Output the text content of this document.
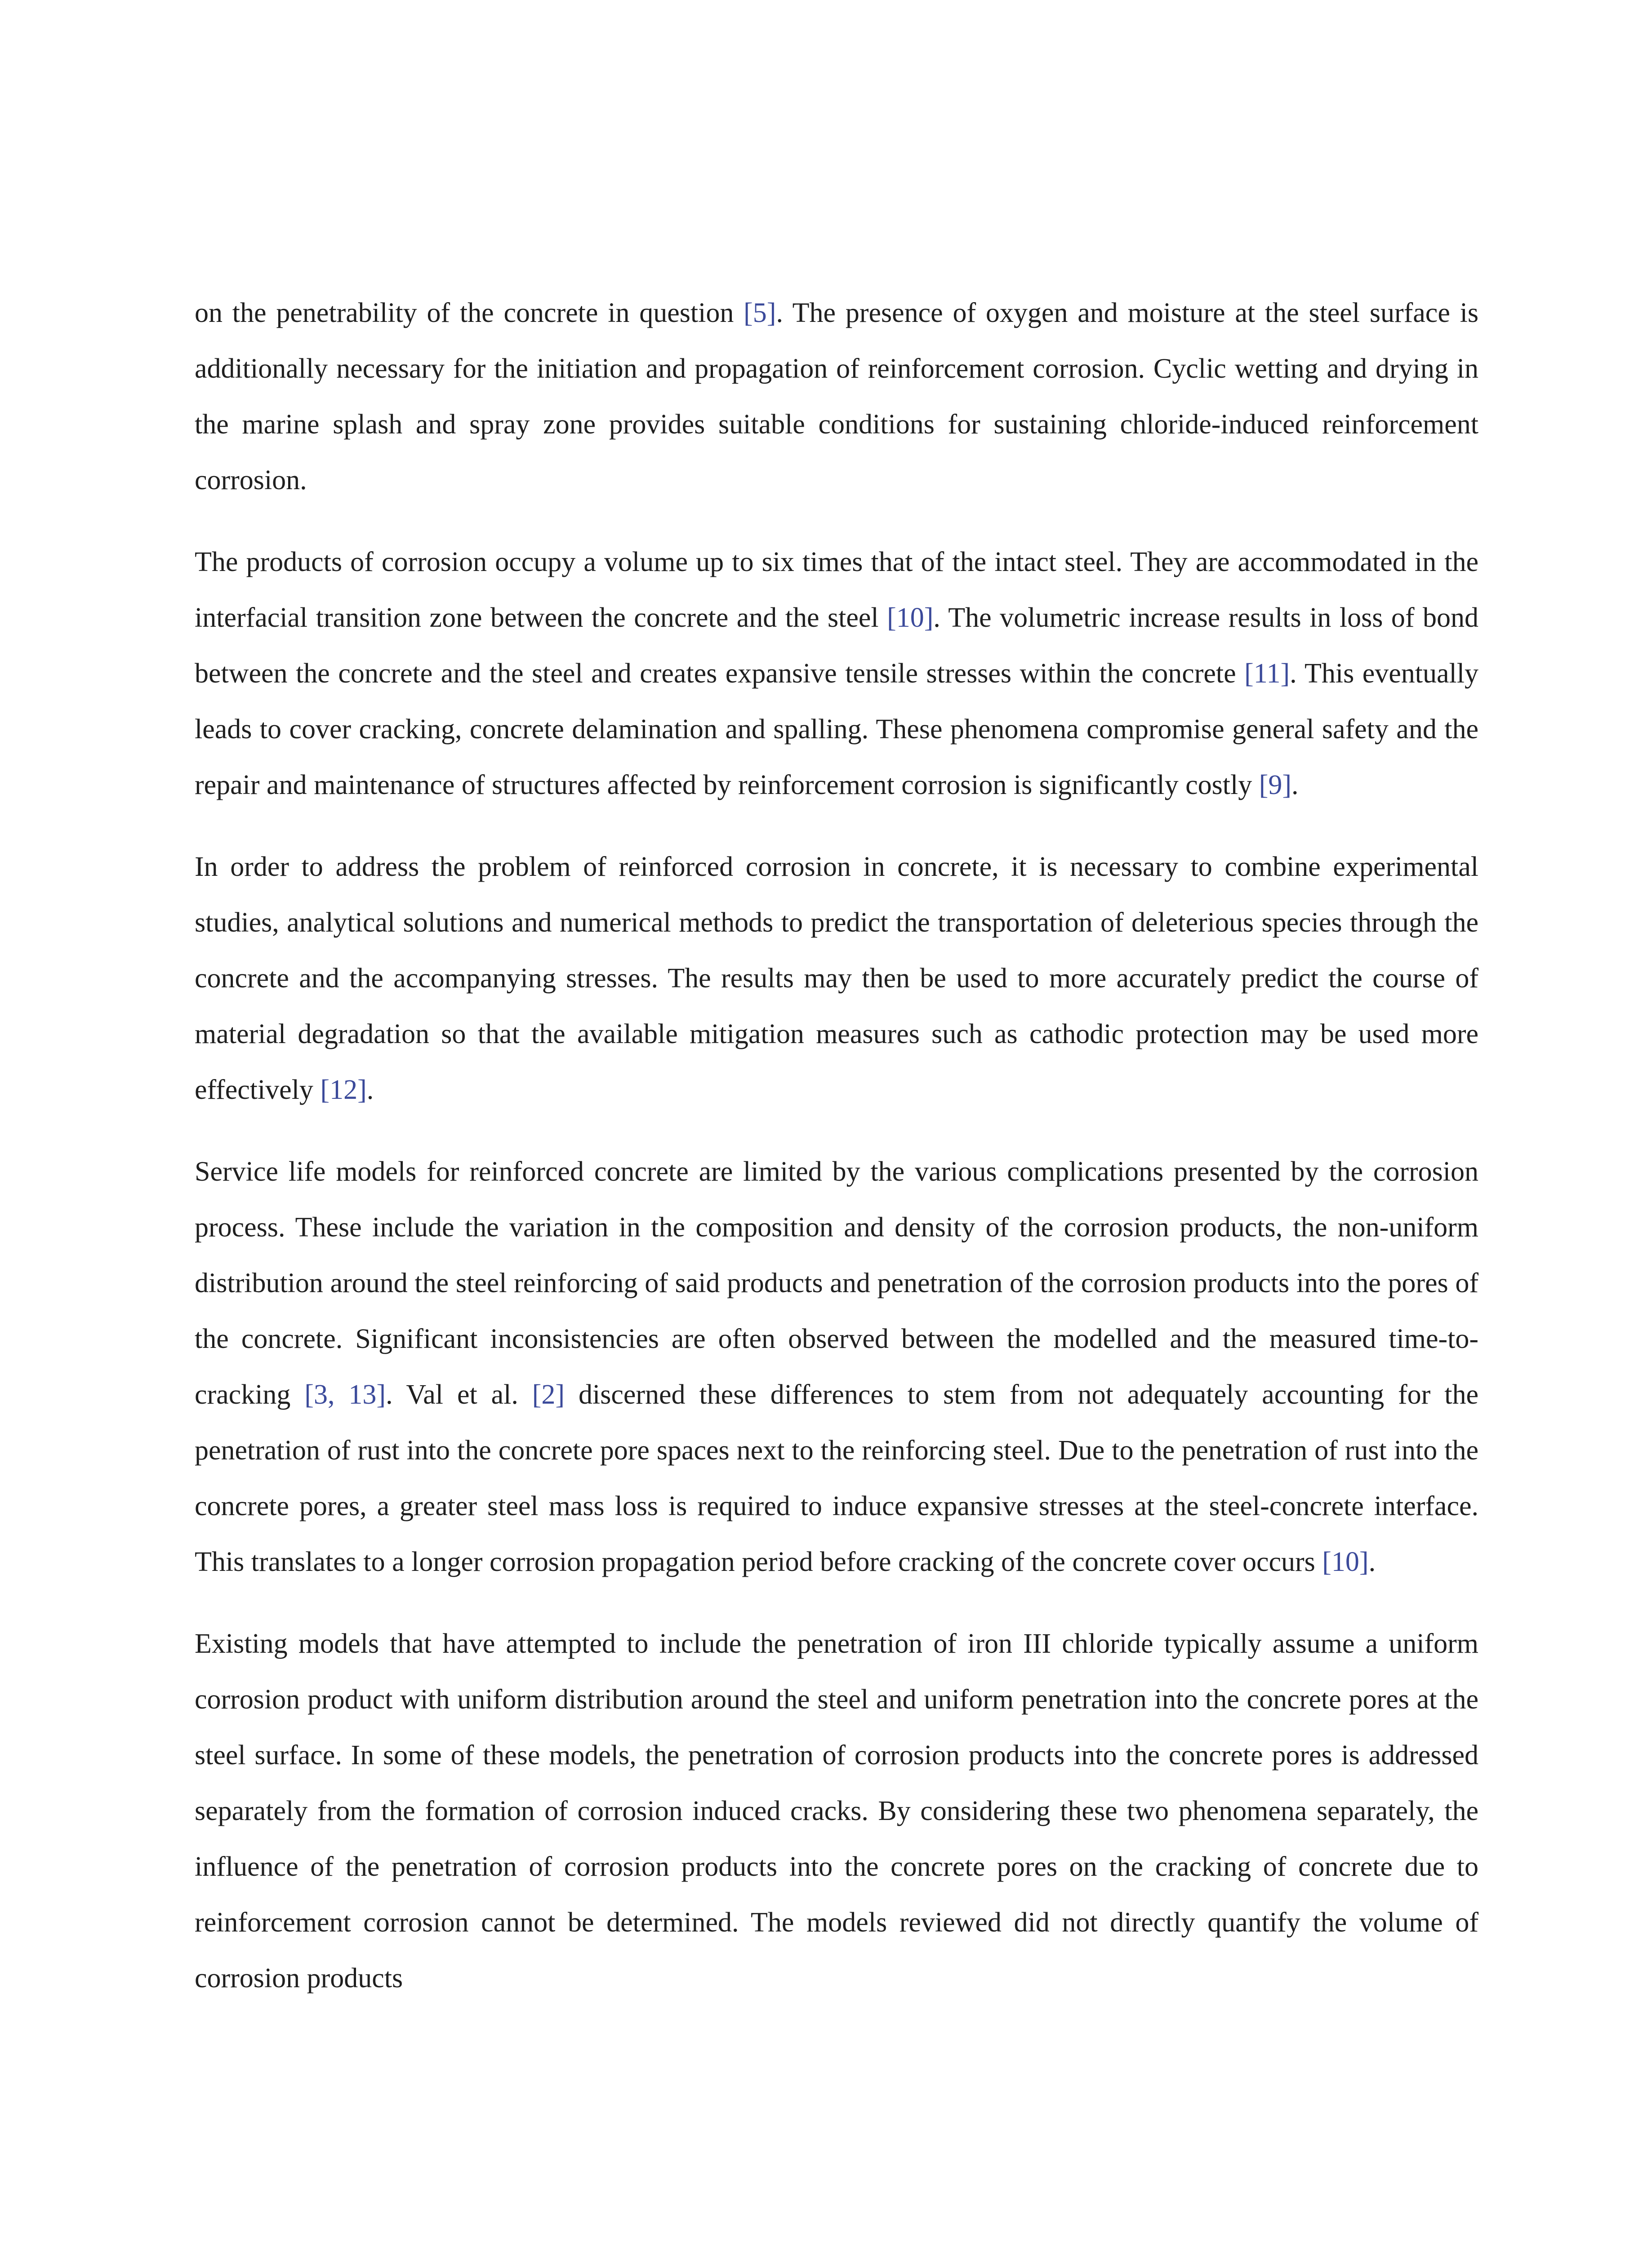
on the penetrability of the concrete in question [5]. The presence of oxygen and moisture at the steel surface is additionally necessary for the initiation and propagation of reinforcement corrosion. Cyclic wetting and drying in the marine splash and spray zone provides suitable conditions for sustaining chloride-induced reinforcement corrosion.

The products of corrosion occupy a volume up to six times that of the intact steel. They are accommodated in the interfacial transition zone between the concrete and the steel [10]. The volumetric increase results in loss of bond between the concrete and the steel and creates expansive tensile stresses within the concrete [11]. This eventually leads to cover cracking, concrete delamination and spalling. These phenomena compromise general safety and the repair and maintenance of structures affected by reinforcement corrosion is significantly costly [9].

In order to address the problem of reinforced corrosion in concrete, it is necessary to combine experimental studies, analytical solutions and numerical methods to predict the transportation of deleterious species through the concrete and the accompanying stresses. The results may then be used to more accurately predict the course of material degradation so that the available mitigation measures such as cathodic protection may be used more effectively [12].

Service life models for reinforced concrete are limited by the various complications presented by the corrosion process. These include the variation in the composition and density of the corrosion products, the non-uniform distribution around the steel reinforcing of said products and penetration of the corrosion products into the pores of the concrete. Significant inconsistencies are often observed between the modelled and the measured time-to-cracking [3, 13]. Val et al. [2] discerned these differences to stem from not adequately accounting for the penetration of rust into the concrete pore spaces next to the reinforcing steel. Due to the penetration of rust into the concrete pores, a greater steel mass loss is required to induce expansive stresses at the steel-concrete interface. This translates to a longer corrosion propagation period before cracking of the concrete cover occurs [10].

Existing models that have attempted to include the penetration of iron III chloride typically assume a uniform corrosion product with uniform distribution around the steel and uniform penetration into the concrete pores at the steel surface. In some of these models, the penetration of corrosion products into the concrete pores is addressed separately from the formation of corrosion induced cracks. By considering these two phenomena separately, the influence of the penetration of corrosion products into the concrete pores on the cracking of concrete due to reinforcement corrosion cannot be determined. The models reviewed did not directly quantify the volume of corrosion products
